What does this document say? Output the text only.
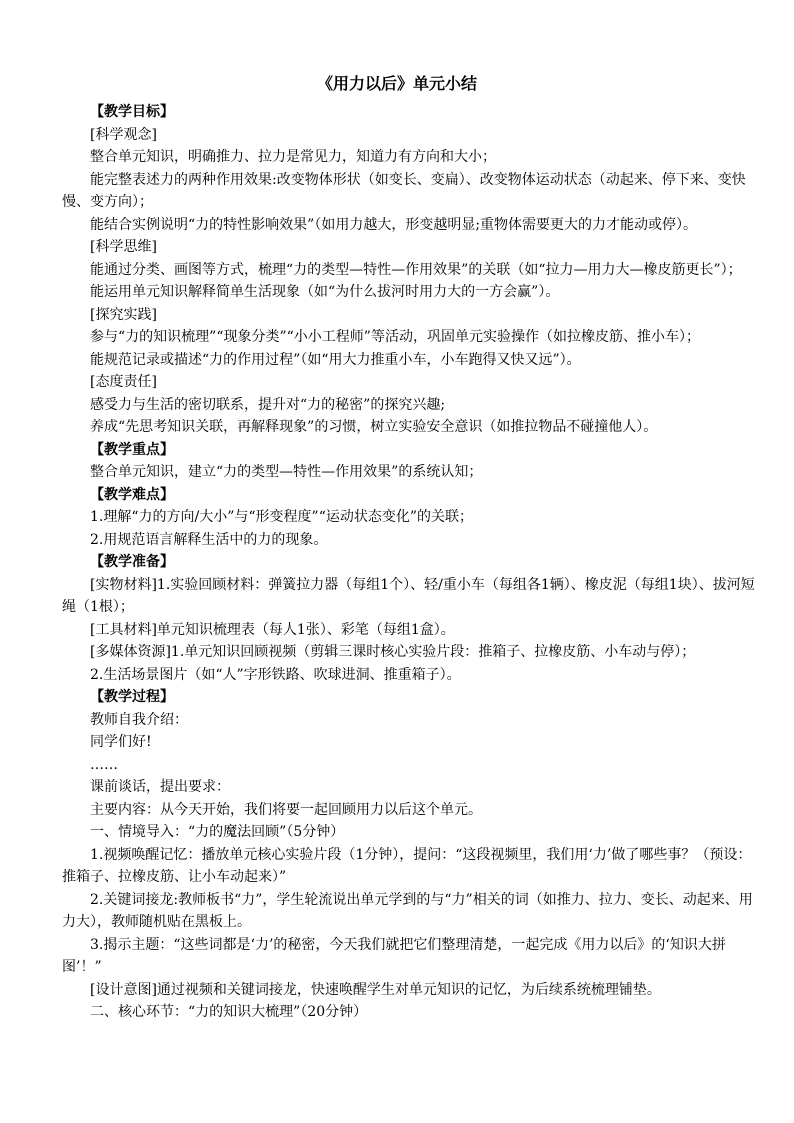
《用力以后》单元小结

【教学目标】

[科学观念]

整合单元知识，明确推力、拉力是常见力，知道力有方向和大小；

能完整表述力的两种作用效果:改变物体形状（如变长、变扁）、改变物体运动状态（动起来、停下来、变快慢、变方向）；

能结合实例说明“力的特性影响效果”（如用力越大，形变越明显;重物体需要更大的力才能动或停）。

[科学思维]

能通过分类、画图等方式，梳理“力的类型—特性—作用效果”的关联（如“拉力—用力大—橡皮筋更长”）；

能运用单元知识解释简单生活现象（如“为什么拔河时用力大的一方会赢”）。

[探究实践]

参与“力的知识梳理”“现象分类”“小小工程师”等活动，巩固单元实验操作（如拉橡皮筋、推小车）；

能规范记录或描述“力的作用过程”（如“用大力推重小车，小车跑得又快又远”）。

[态度责任]

感受力与生活的密切联系，提升对“力的秘密”的探究兴趣;

养成“先思考知识关联，再解释现象”的习惯，树立实验安全意识（如推拉物品不碰撞他人）。

【教学重点】

整合单元知识，建立“力的类型—特性—作用效果”的系统认知；

【教学难点】

1.理解“力的方向/大小”与“形变程度”“运动状态变化”的关联；

2.用规范语言解释生活中的力的现象。

【教学准备】

[实物材料]1.实验回顾材料：弹簧拉力器（每组1个）、轻/重小车（每组各1辆）、橡皮泥（每组1块）、拔河短绳（1根）；

[工具材料]单元知识梳理表（每人1张）、彩笔（每组1盒）。

[多媒体资源]1.单元知识回顾视频（剪辑三课时核心实验片段：推箱子、拉橡皮筋、小车动与停）；

2.生活场景图片（如“人”字形铁路、吹球进洞、推重箱子）。

【教学过程】

教师自我介绍：

同学们好!

……

课前谈话，提出要求：

主要内容：从今天开始，我们将要一起回顾用力以后这个单元。

一、情境导入：“力的魔法回顾”（5分钟）

1.视频唤醒记忆：播放单元核心实验片段（1分钟），提问：“这段视频里，我们用‘力’做了哪些事？（预设：推箱子、拉橡皮筋、让小车动起来）”

2.关键词接龙:教师板书“力”，学生轮流说出单元学到的与“力”相关的词（如推力、拉力、变长、动起来、用力大），教师随机贴在黑板上。

3.揭示主题：“这些词都是‘力’的秘密，今天我们就把它们整理清楚，一起完成《用力以后》的‘知识大拼图’！”

[设计意图]通过视频和关键词接龙，快速唤醒学生对单元知识的记忆，为后续系统梳理铺垫。

二、核心环节：“力的知识大梳理”（20分钟）
